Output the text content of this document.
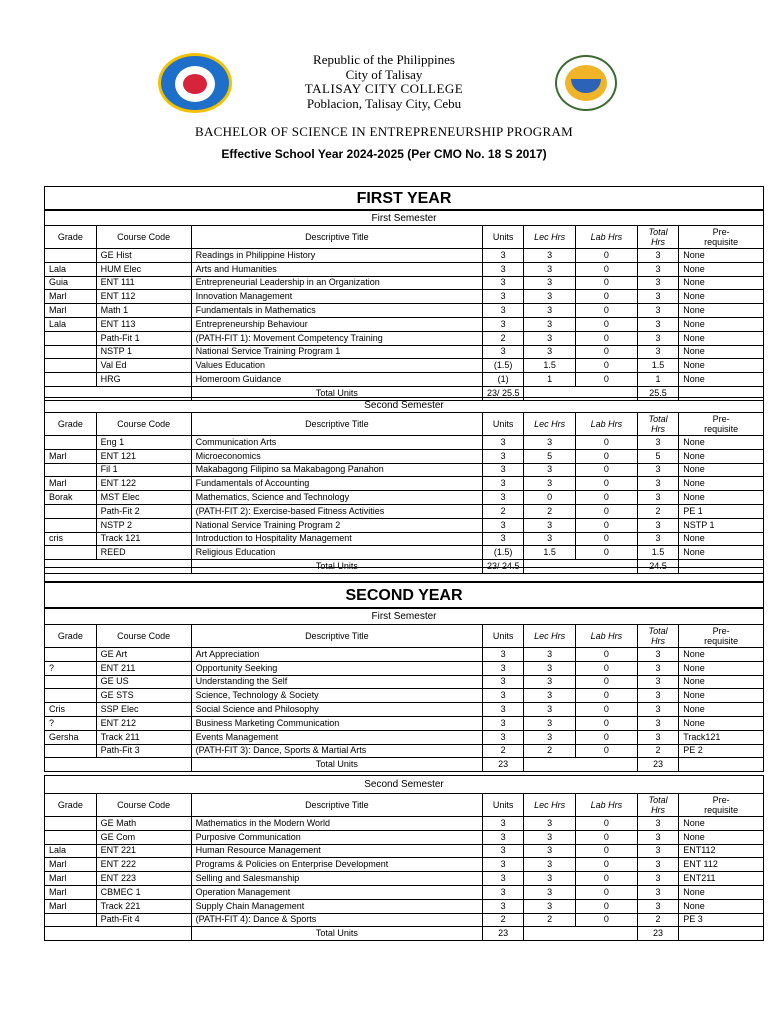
Republic of the Philippines
City of Talisay
TALISAY CITY COLLEGE
Poblacion, Talisay City, Cebu
BACHELOR OF SCIENCE IN ENTREPRENEURSHIP PROGRAM
Effective School Year 2024-2025 (Per CMO No. 18 S 2017)
FIRST YEAR
First Semester
Grade	Course Code	Descriptive Title	Units	Lec Hrs	Lab Hrs	Total
Hrs	Pre-
requisite
	GE Hist	Readings in Philippine History	3	3	0	3	None
Lala	HUM Elec	Arts and Humanities	3	3	0	3	None
Guia	ENT 111	Entrepreneurial Leadership in an Organization	3	3	0	3	None
Marl	ENT 112	Innovation Management	3	3	0	3	None
Marl	Math 1	Fundamentals in Mathematics	3	3	0	3	None
Lala	ENT 113	Entrepreneurship Behaviour	3	3	0	3	None
	Path-Fit 1	(PATH-FIT 1): Movement Competency Training	2	3	0	3	None
	NSTP 1	National Service Training Program 1	3	3	0	3	None
	Val Ed	Values Education	(1.5)	1.5	0	1.5	None
	HRG	Homeroom Guidance	(1)	1	0	1	None
		Total Units	23/ 25.5			25.5	
Second Semester
Grade	Course Code	Descriptive Title	Units	Lec Hrs	Lab Hrs	Total
Hrs	Pre-
requisite
	Eng 1	Communication Arts	3	3	0	3	None
Marl	ENT 121	Microeconomics	3	5	0	5	None
	Fil 1	Makabagong Filipino sa Makabagong Panahon	3	3	0	3	None
Marl	ENT 122	Fundamentals of Accounting	3	3	0	3	None
Borak	MST Elec	Mathematics, Science and Technology	3	0	0	3	None
	Path-Fit 2	(PATH-FIT 2): Exercise-based Fitness Activities	2	2	0	2	PE 1
	NSTP 2	National Service Training Program 2	3	3	0	3	NSTP 1
cris	Track 121	Introduction to Hospitality Management	3	3	0	3	None
	REED	Religious Education	(1.5)	1.5	0	1.5	None
		Total Units	23/ 24.5			24.5	
SECOND YEAR
First Semester
Grade	Course Code	Descriptive Title	Units	Lec Hrs	Lab Hrs	Total
Hrs	Pre-
requisite
	GE Art	Art Appreciation	3	3	0	3	None
?	ENT 211	Opportunity Seeking	3	3	0	3	None
	GE US	Understanding the Self	3	3	0	3	None
	GE STS	Science, Technology & Society	3	3	0	3	None
Cris	SSP Elec	Social Science and Philosophy	3	3	0	3	None
?	ENT 212	Business Marketing Communication	3	3	0	3	None
Gersha	Track 211	Events Management	3	3	0	3	Track121
	Path-Fit 3	(PATH-FIT 3): Dance, Sports & Martial Arts	2	2	0	2	PE 2
		Total Units	23			23	
Second Semester
Grade	Course Code	Descriptive Title	Units	Lec Hrs	Lab Hrs	Total
Hrs	Pre-
requisite
	GE Math	Mathematics in the Modern World	3	3	0	3	None
	GE Com	Purposive Communication	3	3	0	3	None
Lala	ENT 221	Human Resource Management	3	3	0	3	ENT112
Marl	ENT 222	Programs & Policies on Enterprise Development	3	3	0	3	ENT 112
Marl	ENT 223	Selling and Salesmanship	3	3	0	3	ENT211
Marl	CBMEC 1	Operation Management	3	3	0	3	None
Marl	Track 221	Supply Chain Management	3	3	0	3	None
	Path-Fit 4	(PATH-FIT 4): Dance & Sports	2	2	0	2	PE 3
		Total Units	23			23	
